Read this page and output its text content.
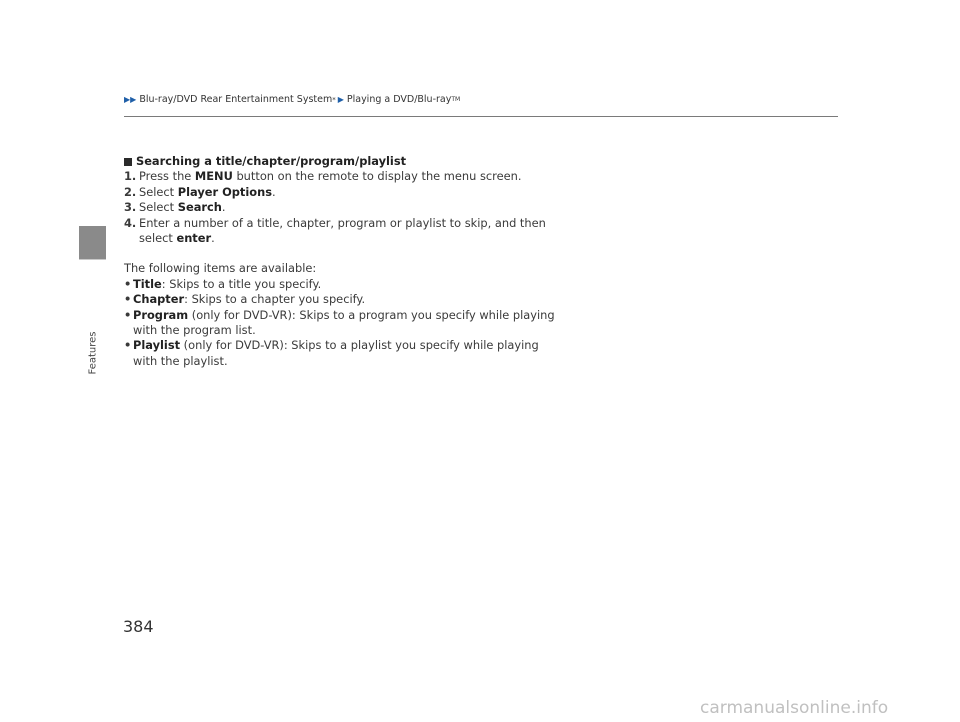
▶ ▶ Blu-ray/DVD Rear Entertainment System * ▶ Playing a DVD/Blu-ray TM
Features
Searching a title/chapter/program/playlist
1. Press the MENU button on the remote to display the menu screen.
2. Select Player Options.
3. Select Search.
4. Enter a number of a title, chapter, program or playlist to skip, and then select enter.
The following items are available:
• Title: Skips to a title you specify.
• Chapter: Skips to a chapter you specify.
• Program (only for DVD-VR): Skips to a program you specify while playing with the program list.
• Playlist (only for DVD-VR): Skips to a playlist you specify while playing with the playlist.
384
carmanualsonline.info
